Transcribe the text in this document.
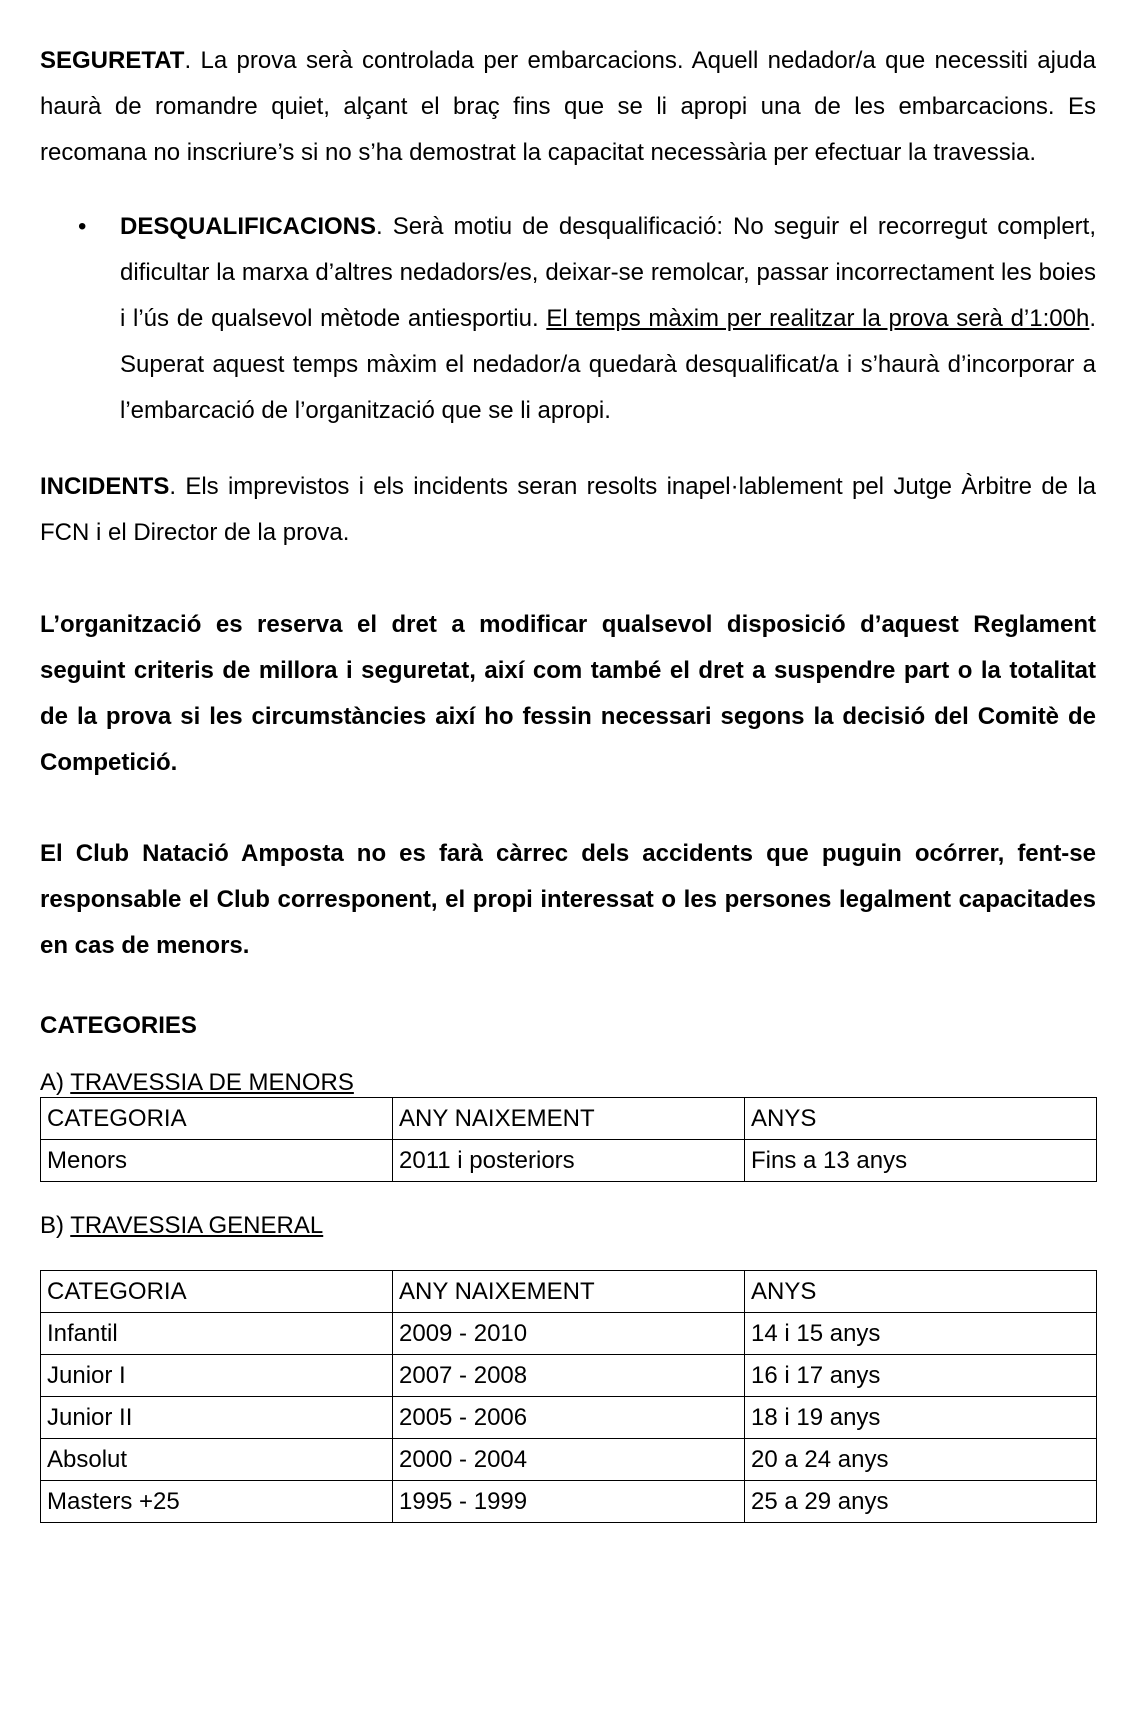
SEGURETAT. La prova serà controlada per embarcacions. Aquell nedador/a que necessiti ajuda haurà de romandre quiet, alçant el braç fins que se li apropi una de les embarcacions. Es recomana no inscriure’s si no s’ha demostrat la capacitat necessària per efectuar la travessia.

• DESQUALIFICACIONS. Serà motiu de desqualificació: No seguir el recorregut complert, dificultar la marxa d’altres nedadors/es, deixar-se remolcar, passar incorrectament les boies i l’ús de qualsevol mètode antiesportiu. El temps màxim per realitzar la prova serà d’1:00h. Superat aquest temps màxim el nedador/a quedarà desqualificat/a i s’haurà d’incorporar a l’embarcació de l’organització que se li apropi.

INCIDENTS. Els imprevistos i els incidents seran resolts inapel·lablement pel Jutge Àrbitre de la FCN i el Director de la prova.

L’organització es reserva el dret a modificar qualsevol disposició d’aquest Reglament seguint criteris de millora i seguretat, així com també el dret a suspendre part o la totalitat de la prova si les circumstàncies així ho fessin necessari segons la decisió del Comitè de Competició.

El Club Natació Amposta no es farà càrrec dels accidents que puguin ocórrer, fent-se responsable el Club corresponent, el propi interessat o les persones legalment capacitades en cas de menors.

CATEGORIES
A) TRAVESSIA DE MENORS
CATEGORIA	ANY NAIXEMENT	ANYS
Menors	2011 i posteriors	Fins a 13 anys
B) TRAVESSIA GENERAL
CATEGORIA	ANY NAIXEMENT	ANYS
Infantil	2009 - 2010	14 i 15 anys
Junior I	2007 - 2008	16 i 17 anys
Junior II	2005 - 2006	18 i 19 anys
Absolut	2000 - 2004	20 a 24 anys
Masters +25	1995 - 1999	25 a 29 anys
